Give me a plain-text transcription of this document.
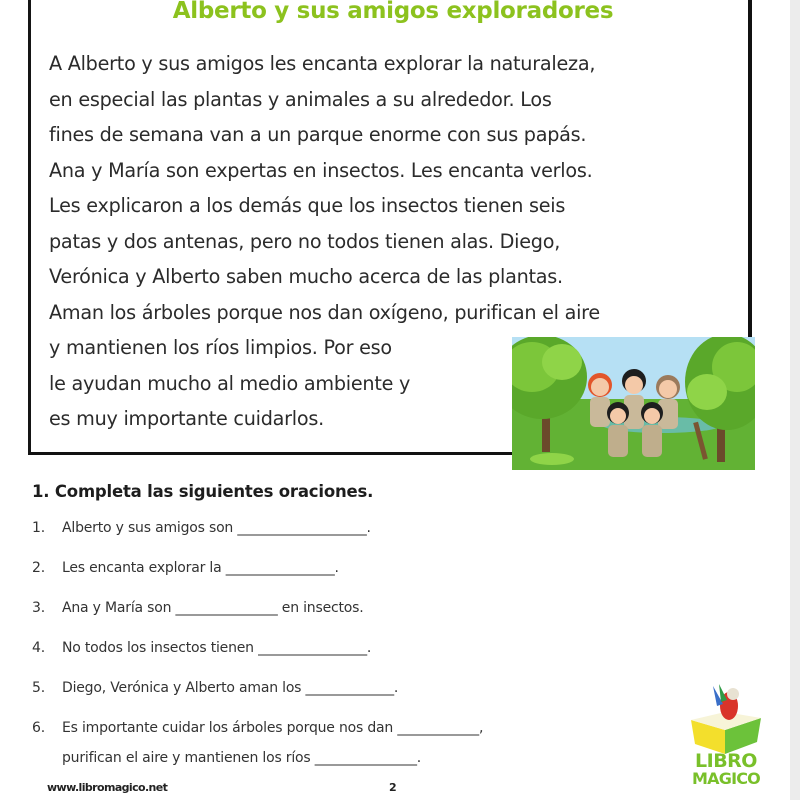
Alberto y sus amigos exploradores
A Alberto y sus amigos les encanta explorar la naturaleza,
en especial las plantas y animales a su alrededor. Los
fines de semana van a un parque enorme con sus papás.
Ana y María son expertas en insectos. Les encanta verlos.
Les explicaron a los demás que los insectos tienen seis
patas y dos antenas, pero no todos tienen alas. Diego,
Verónica y Alberto saben mucho acerca de las plantas.
Aman los árboles porque nos dan oxígeno, purifican el aire
y mantienen los ríos limpios. Por eso
le ayudan mucho al medio ambiente y
es muy importante cuidarlos.
1. Completa las siguientes oraciones.
1.	Alberto y sus amigos son ___________________.
2.	Les encanta explorar la ________________.
3.	Ana y María son _______________ en insectos.
4.	No todos los insectos tienen ________________.
5.	Diego, Verónica y Alberto aman los _____________.
6.	Es importante cuidar los árboles porque nos dan ____________,
purifican el aire y mantienen los ríos _______________.
www.libromagico.net	2
LIBRO
MAGICO
